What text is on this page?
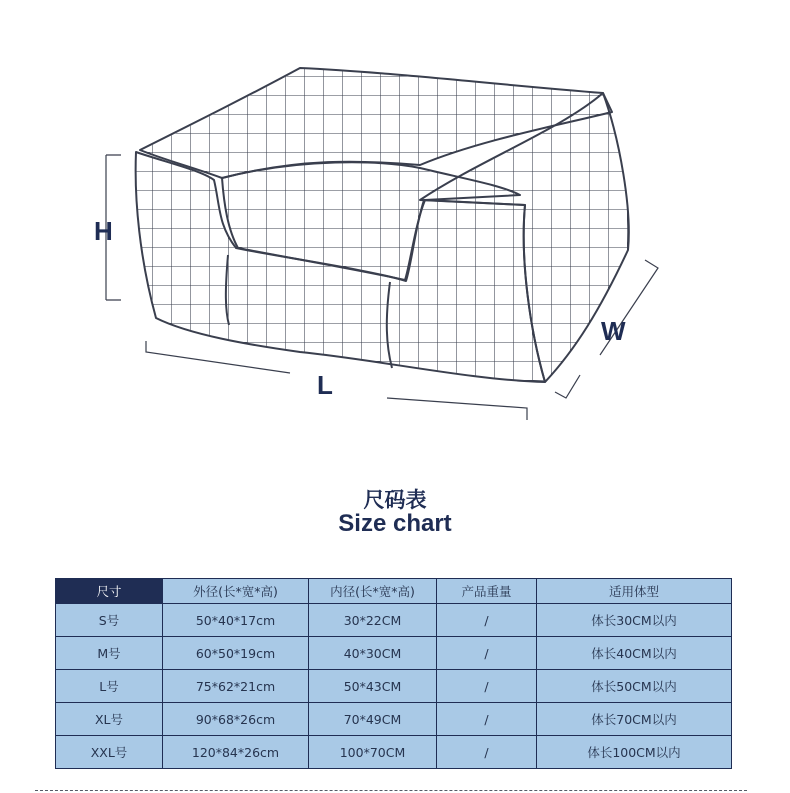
H
L
W
尺码表
Size chart
尺寸	外径(长*宽*高)	内径(长*宽*高)	产品重量	适用体型
S号	50*40*17cm	30*22CM	/	体长30CM以内
M号	60*50*19cm	40*30CM	/	体长40CM以内
L号	75*62*21cm	50*43CM	/	体长50CM以内
XL号	90*68*26cm	70*49CM	/	体长70CM以内
XXL号	120*84*26cm	100*70CM	/	体长100CM以内
